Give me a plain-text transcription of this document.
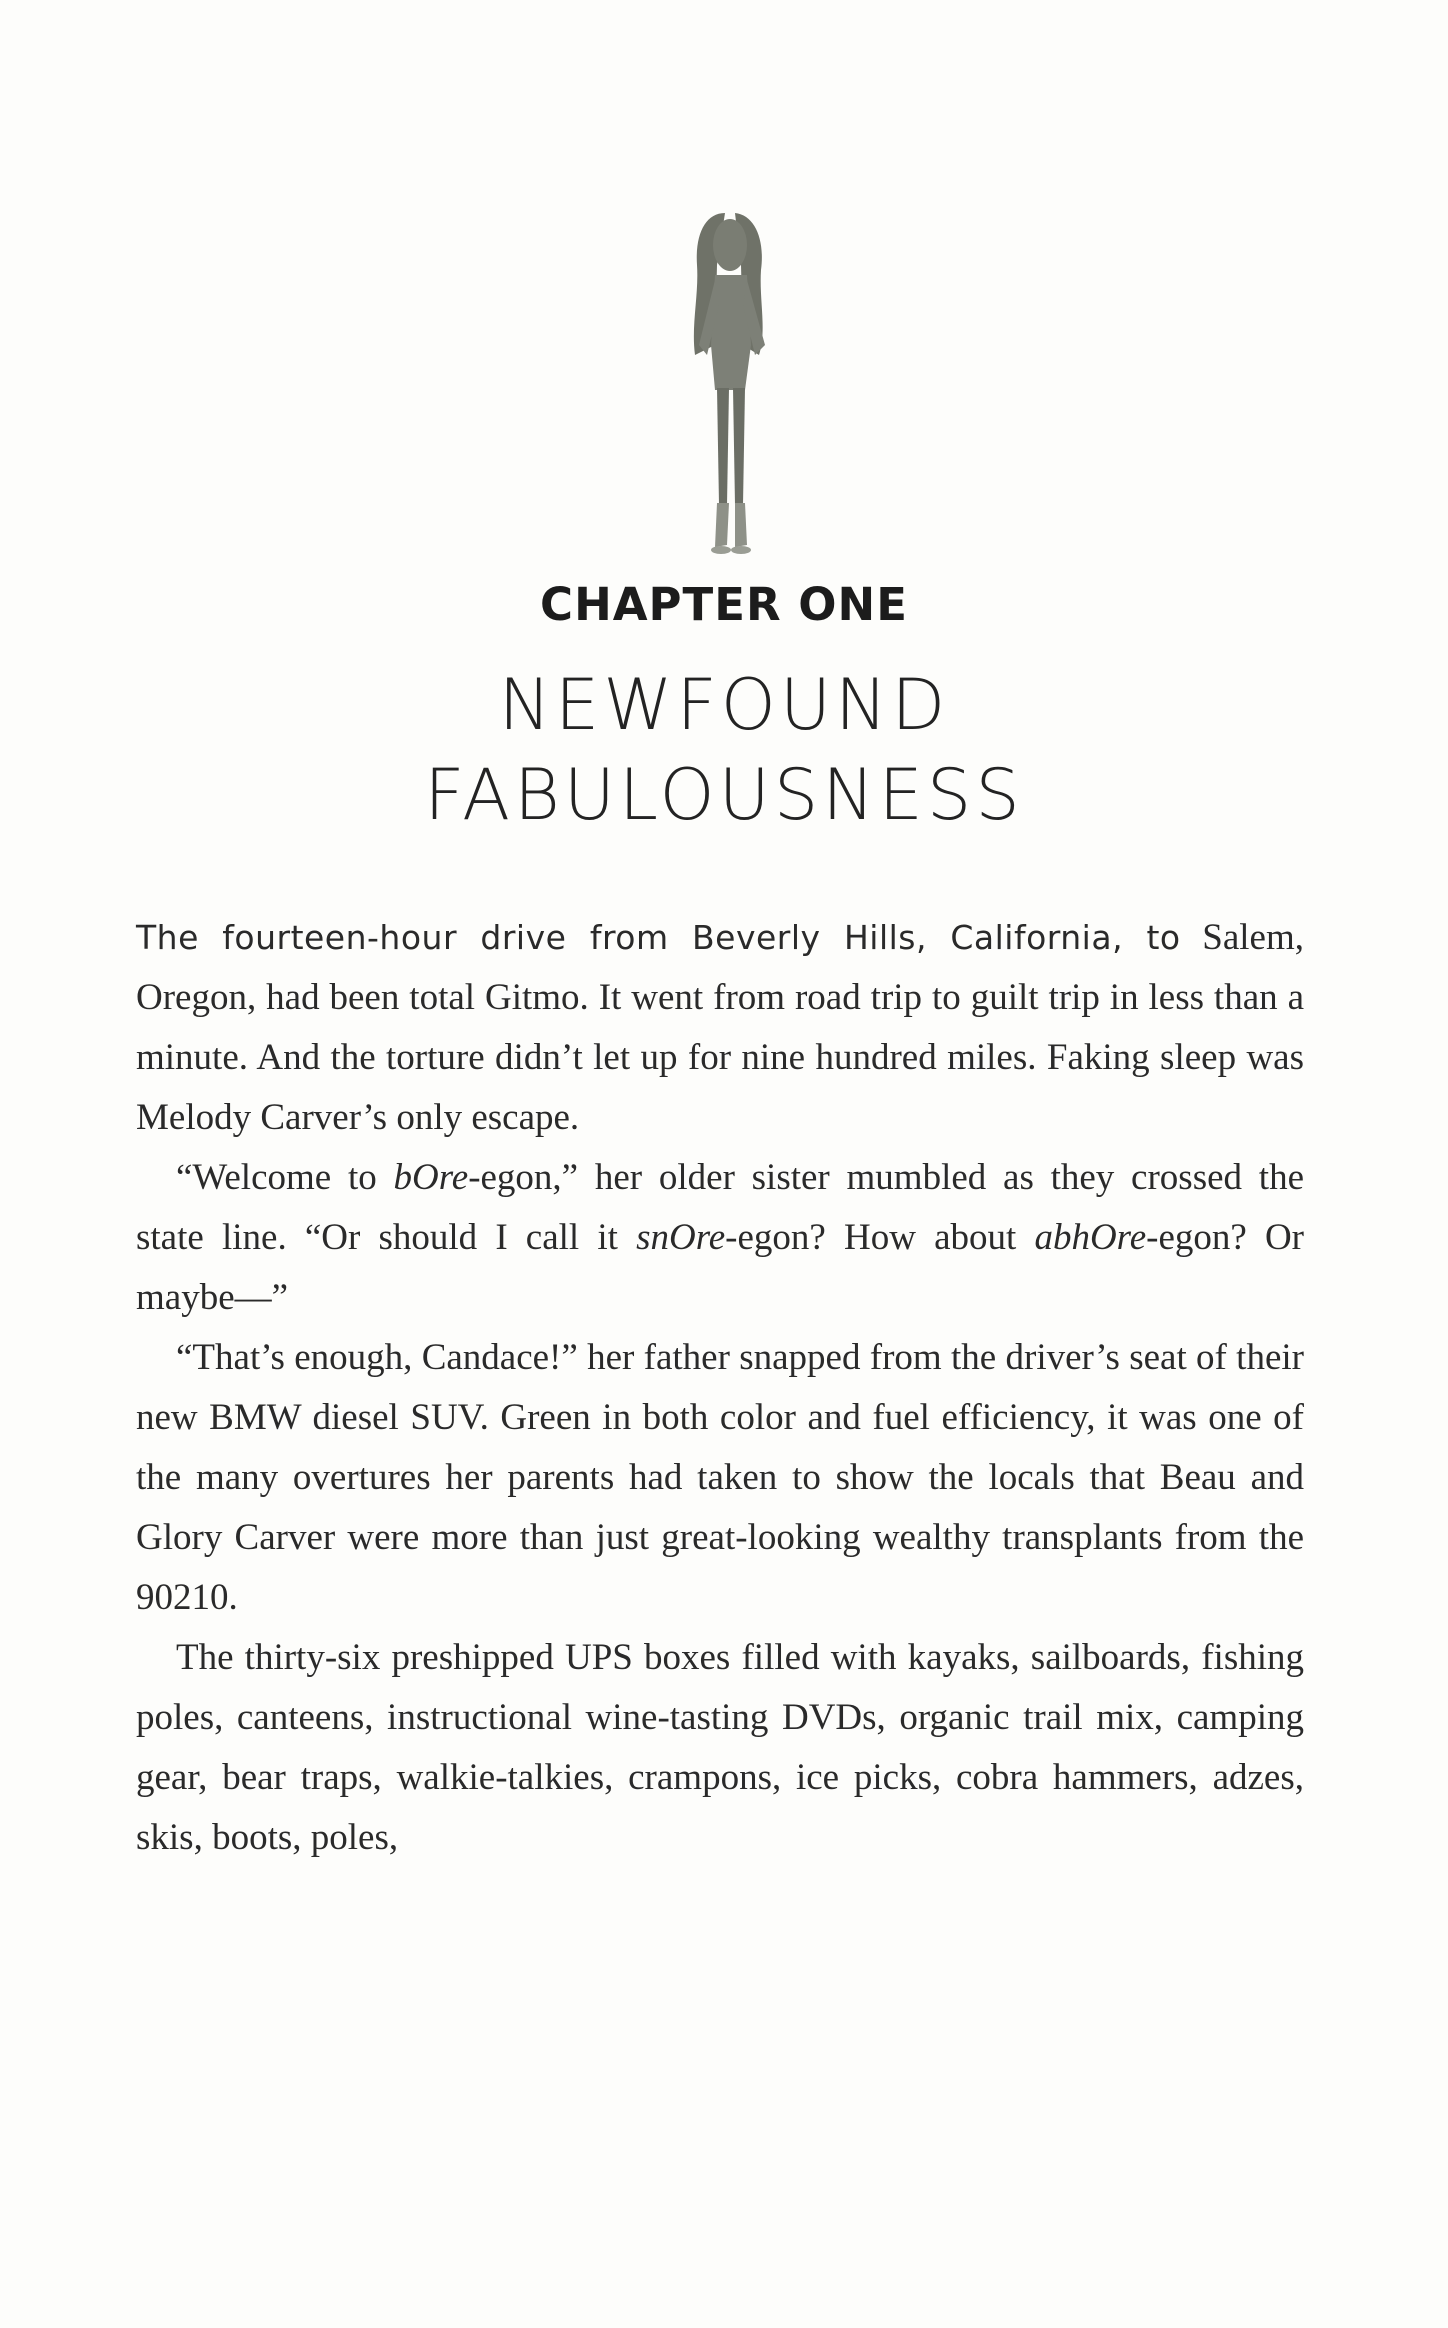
CHAPTER ONE
NEWFOUND
FABULOUSNESS

The fourteen-hour drive from Beverly Hills, California, to Salem, Oregon, had been total Gitmo. It went from road trip to guilt trip in less than a minute. And the torture didn’t let up for nine hundred miles. Faking sleep was Melody Carver’s only escape.

“Welcome to bOre-egon,” her older sister mumbled as they crossed the state line. “Or should I call it snOre-egon? How about abhOre-egon? Or maybe—”

“That’s enough, Candace!” her father snapped from the driver’s seat of their new BMW diesel SUV. Green in both color and fuel efficiency, it was one of the many overtures her parents had taken to show the locals that Beau and Glory Carver were more than just great-looking wealthy transplants from the 90210.

The thirty-six preshipped UPS boxes filled with kayaks, sailboards, fishing poles, canteens, instructional wine-tasting DVDs, organic trail mix, camping gear, bear traps, walkie-talkies, crampons, ice picks, cobra hammers, adzes, skis, boots, poles,
